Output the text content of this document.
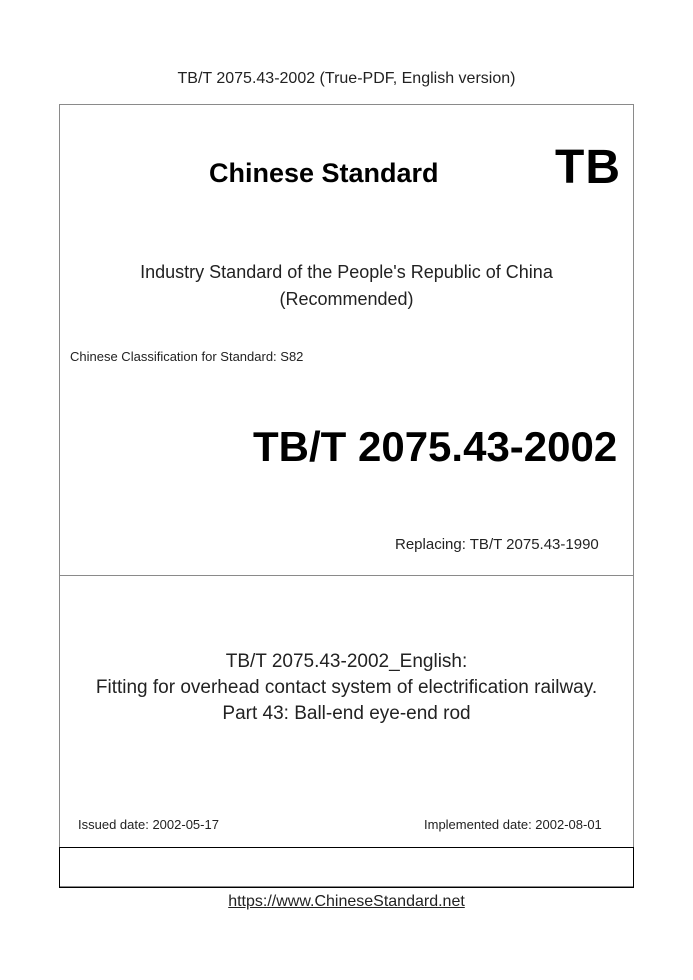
TB/T 2075.43-2002 (True-PDF, English version)
Chinese Standard TB
Industry Standard of the People's Republic of China
(Recommended)
Chinese Classification for Standard: S82
TB/T 2075.43-2002
Replacing: TB/T 2075.43-1990
TB/T 2075.43-2002_English:
Fitting for overhead contact system of electrification railway.
Part 43: Ball-end eye-end rod
Issued date: 2002-05-17	Implemented date: 2002-08-01
https://www.ChineseStandard.net
